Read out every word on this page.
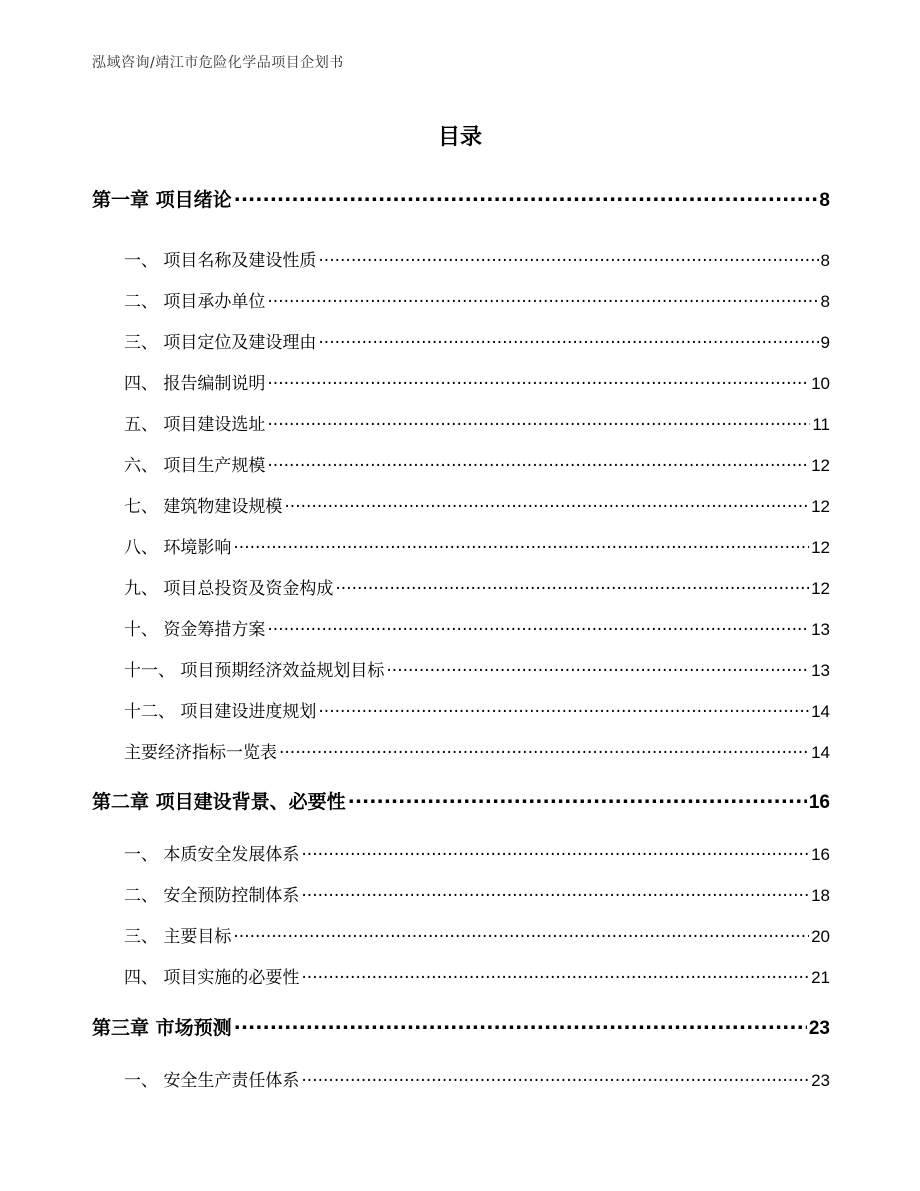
泓域咨询/靖江市危险化学品项目企划书
目录
第一章 项目绪论 .....	8
一、 项目名称及建设性质 .....	8
二、 项目承办单位 .....	8
三、 项目定位及建设理由 .....	9
四、 报告编制说明 .....	10
五、 项目建设选址 .....	11
六、 项目生产规模 .....	12
七、 建筑物建设规模 .....	12
八、 环境影响 .....	12
九、 项目总投资及资金构成 .....	12
十、 资金筹措方案 .....	13
十一、 项目预期经济效益规划目标 .....	13
十二、 项目建设进度规划 .....	14
主要经济指标一览表 .....	14
第二章 项目建设背景、必要性 .....	16
一、 本质安全发展体系 .....	16
二、 安全预防控制体系 .....	18
三、 主要目标 .....	20
四、 项目实施的必要性 .....	21
第三章 市场预测 .....	23
一、 安全生产责任体系 .....	23
